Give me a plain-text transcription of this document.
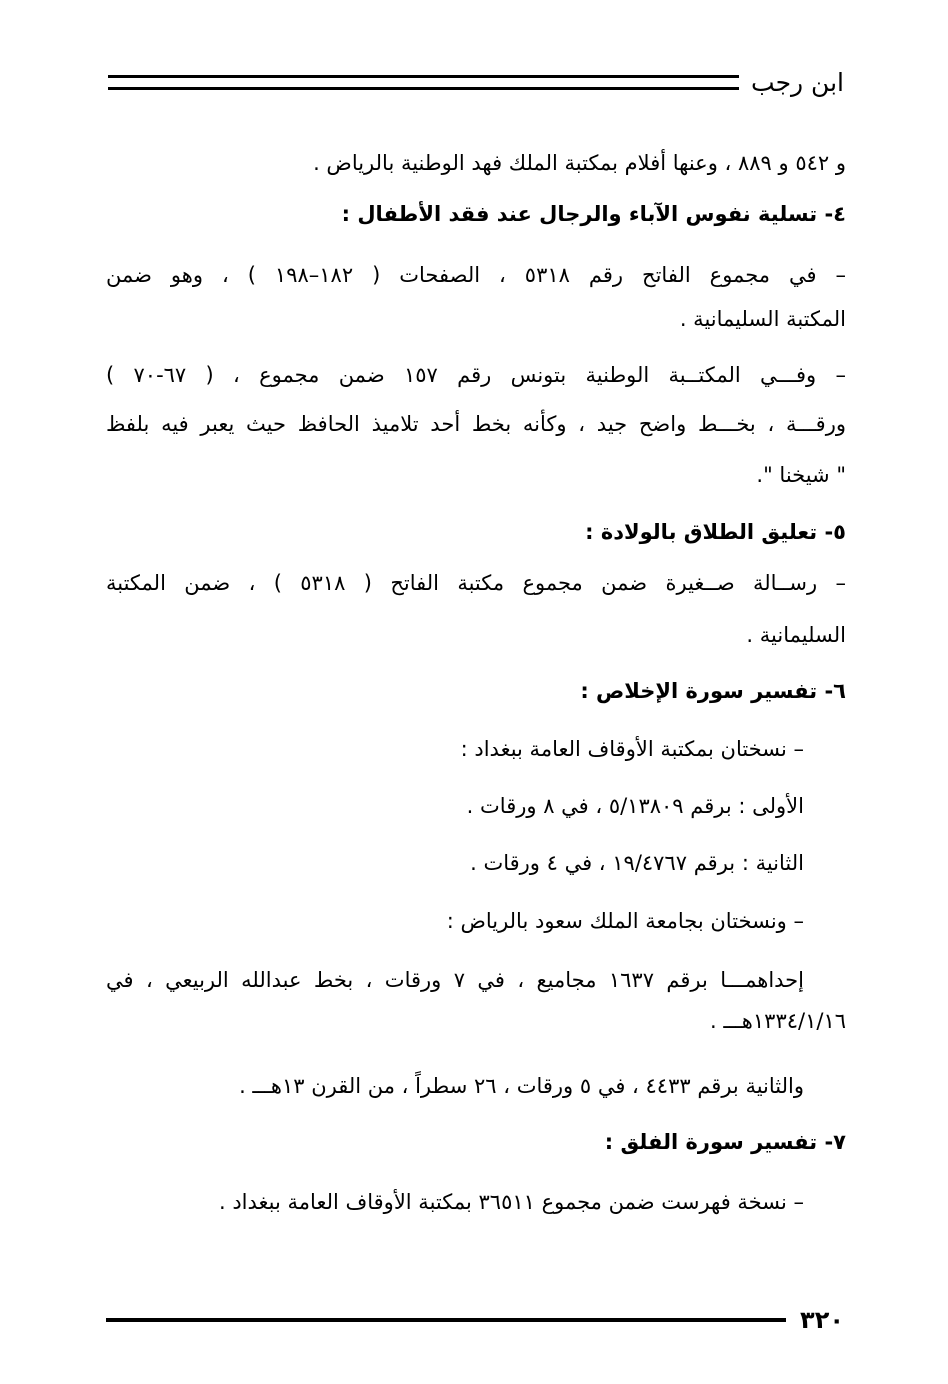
ابن رجب
و ٥٤٢ و ٨٨٩ ، وعنها أفلام بمكتبة الملك فهد الوطنية بالرياض .
٤- تسلية نفوس الآباء والرجال عند فقد الأطفال :
– في مجموع الفاتح رقم ٥٣١٨ ، الصفحات ( ١٨٢–١٩٨ ) ، وهو ضمن
المكتبة السليمانية .
– وفـــي المكتــبة الوطنية بتونس رقم ١٥٧ ضمن مجموع ، ( ٦٧-٧٠ )
ورقـــة ، بخـــط واضح جيد ، وكأنه بخط أحد تلاميذ الحافظ حيث يعبر فيه بلفظ
" شيخنا ".
٥- تعليق الطلاق بالولادة :
– رســالة صــغيرة ضمن مجموع مكتبة الفاتح ( ٥٣١٨ ) ، ضمن المكتبة
السليمانية .
٦- تفسير سورة الإخلاص :
– نسختان بمكتبة الأوقاف العامة ببغداد :
الأولى : برقم ٥/١٣٨٠٩ ، في ٨ ورقات .
الثانية : برقم ١٩/٤٧٦٧ ، في ٤ ورقات .
– ونسختان بجامعة الملك سعود بالرياض :
إحداهمـــا برقم ١٦٣٧ مجاميع ، في ٧ ورقات ، بخط عبدالله الربيعي ، في
١٣٣٤/١/١٦هـــ .
والثانية برقم ٤٤٣٣ ، في ٥ ورقات ، ٢٦ سطراً ، من القرن ١٣هـــ .
٧- تفسير سورة الفلق :
– نسخة فهرست ضمن مجموع ٣٦٥١١ بمكتبة الأوقاف العامة ببغداد .
٣٢٠
